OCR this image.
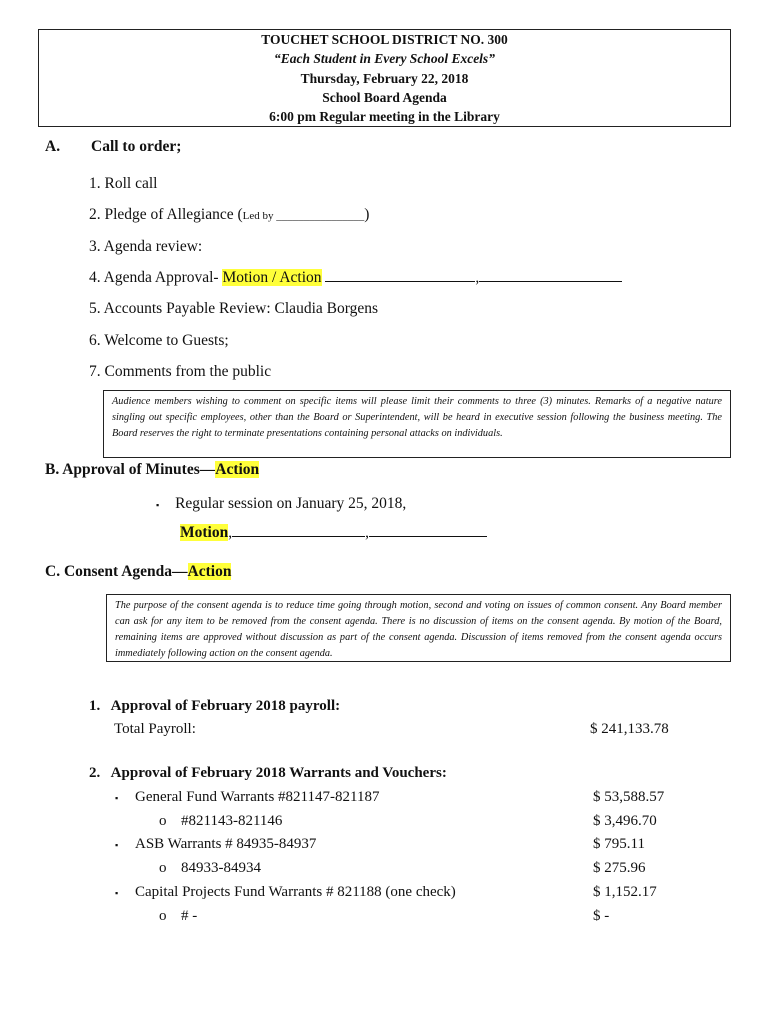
TOUCHET SCHOOL DISTRICT NO. 300
“Each Student in Every School Excels”
Thursday, February 22, 2018
School Board Agenda
6:00 pm Regular meeting in the Library
A. Call to order;
1. Roll call
2. Pledge of Allegiance (Led by ________________)
3. Agenda review:
4. Agenda Approval- Motion / Action	,
5. Accounts Payable Review: Claudia Borgens
6. Welcome to Guests;
7. Comments from the public
Audience members wishing to comment on specific items will please limit their comments to three (3) minutes. Remarks of a negative nature singling out specific employees, other than the Board or Superintendent, will be heard in executive session following the business meeting. The Board reserves the right to terminate presentations containing personal attacks on individuals.
B. Approval of Minutes—Action
▪ Regular session on January 25, 2018,
Motion,	,
C. Consent Agenda—Action
The purpose of the consent agenda is to reduce time going through motion, second and voting on issues of common consent. Any Board member can ask for any item to be removed from the consent agenda. There is no discussion of items on the consent agenda. By motion of the Board, remaining items are approved without discussion as part of the consent agenda. Discussion of items removed from the consent agenda occurs immediately following action on the consent agenda.
1.   Approval of February 2018 payroll:
Total Payroll:	$ 241,133.78
2.   Approval of February 2018 Warrants and Vouchers:
▪ General Fund Warrants #821147-821187	$ 53,588.57
o #821143-821146	$ 3,496.70
▪ ASB Warrants # 84935-84937	$ 795.11
o 84933-84934	$ 275.96
▪ Capital Projects Fund Warrants # 821188 (one check)	$ 1,152.17
o # -	$ -
